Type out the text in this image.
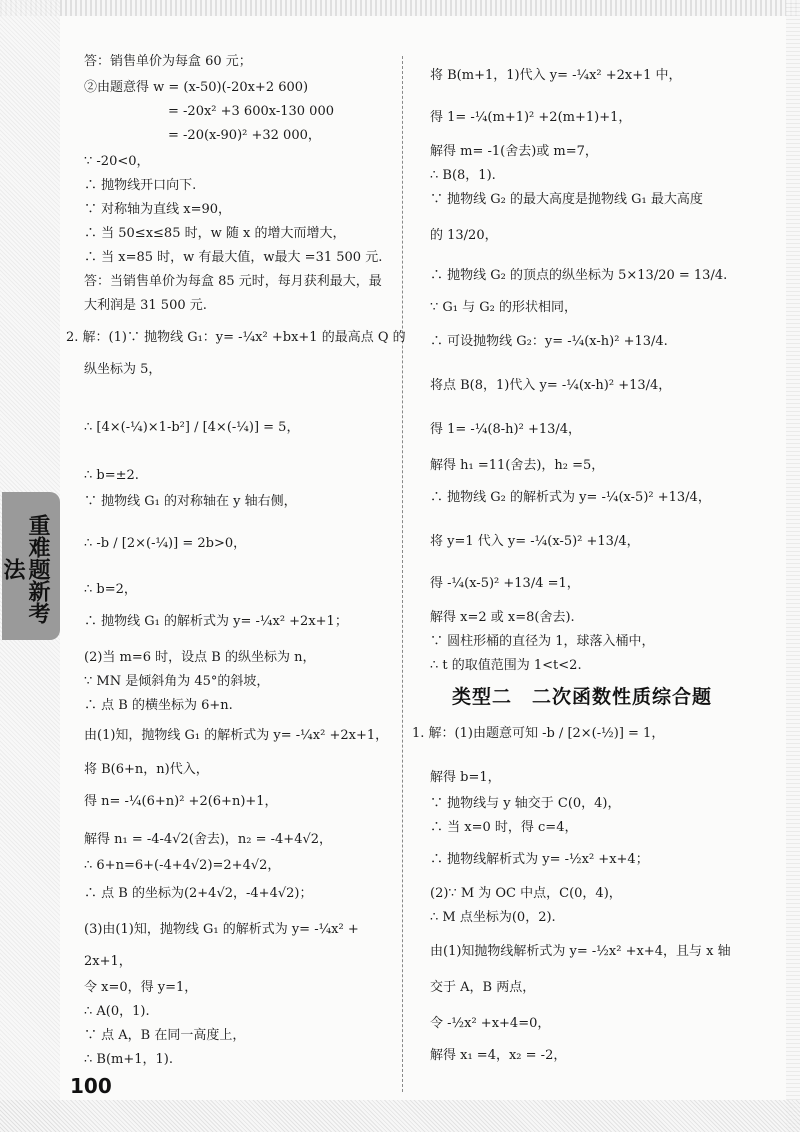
重难题新考法
答：销售单价为每盒 60 元；
②由题意得 w = (x-50)(-20x+2 600)
= -20x² +3 600x-130 000
= -20(x-90)² +32 000，
∵ -20<0，
∴ 抛物线开口向下.
∵ 对称轴为直线 x=90，
∴ 当 50≤x≤85 时，w 随 x 的增大而增大，
∴ 当 x=85 时，w 有最大值，w最大 =31 500 元.
答：当销售单价为每盒 85 元时，每月获利最大，最
大利润是 31 500 元.
2. 解：(1)∵ 抛物线 G₁：y= -¼x² +bx+1 的最高点 Q 的
纵坐标为 5，
∴ [4×(-¼)×1-b²] / [4×(-¼)] = 5，
∴ b=±2.
∵ 抛物线 G₁ 的对称轴在 y 轴右侧，
∴ -b / [2×(-¼)] = 2b>0，
∴ b=2，
∴ 抛物线 G₁ 的解析式为 y= -¼x² +2x+1；
(2)当 m=6 时，设点 B 的纵坐标为 n，
∵ MN 是倾斜角为 45°的斜坡，
∴ 点 B 的横坐标为 6+n.
由(1)知，抛物线 G₁ 的解析式为 y= -¼x² +2x+1，
将 B(6+n，n)代入，
得 n= -¼(6+n)² +2(6+n)+1，
解得 n₁ = -4-4√2(舍去)，n₂ = -4+4√2，
∴ 6+n=6+(-4+4√2)=2+4√2，
∴ 点 B 的坐标为(2+4√2，-4+4√2)；
(3)由(1)知，抛物线 G₁ 的解析式为 y= -¼x² +
2x+1，
令 x=0，得 y=1，
∴ A(0，1).
∵ 点 A，B 在同一高度上，
∴ B(m+1，1).
将 B(m+1，1)代入 y= -¼x² +2x+1 中，
得 1= -¼(m+1)² +2(m+1)+1，
解得 m= -1(舍去)或 m=7，
∴ B(8，1).
∵ 抛物线 G₂ 的最大高度是抛物线 G₁ 最大高度
的 13/20，
∴ 抛物线 G₂ 的顶点的纵坐标为 5×13/20 = 13/4.
∵ G₁ 与 G₂ 的形状相同，
∴ 可设抛物线 G₂：y= -¼(x-h)² +13/4.
将点 B(8，1)代入 y= -¼(x-h)² +13/4，
得 1= -¼(8-h)² +13/4，
解得 h₁ =11(舍去)，h₂ =5，
∴ 抛物线 G₂ 的解析式为 y= -¼(x-5)² +13/4，
将 y=1 代入 y= -¼(x-5)² +13/4，
得 -¼(x-5)² +13/4 =1，
解得 x=2 或 x=8(舍去).
∵ 圆柱形桶的直径为 1，球落入桶中，
∴ t 的取值范围为 1<t<2.
类型二　二次函数性质综合题
1. 解：(1)由题意可知 -b / [2×(-½)] = 1，
解得 b=1，
∵ 抛物线与 y 轴交于 C(0，4)，
∴ 当 x=0 时，得 c=4，
∴ 抛物线解析式为 y= -½x² +x+4；
(2)∵ M 为 OC 中点，C(0，4)，
∴ M 点坐标为(0，2).
由(1)知抛物线解析式为 y= -½x² +x+4，且与 x 轴
交于 A，B 两点，
令 -½x² +x+4=0，
解得 x₁ =4，x₂ = -2，
100
